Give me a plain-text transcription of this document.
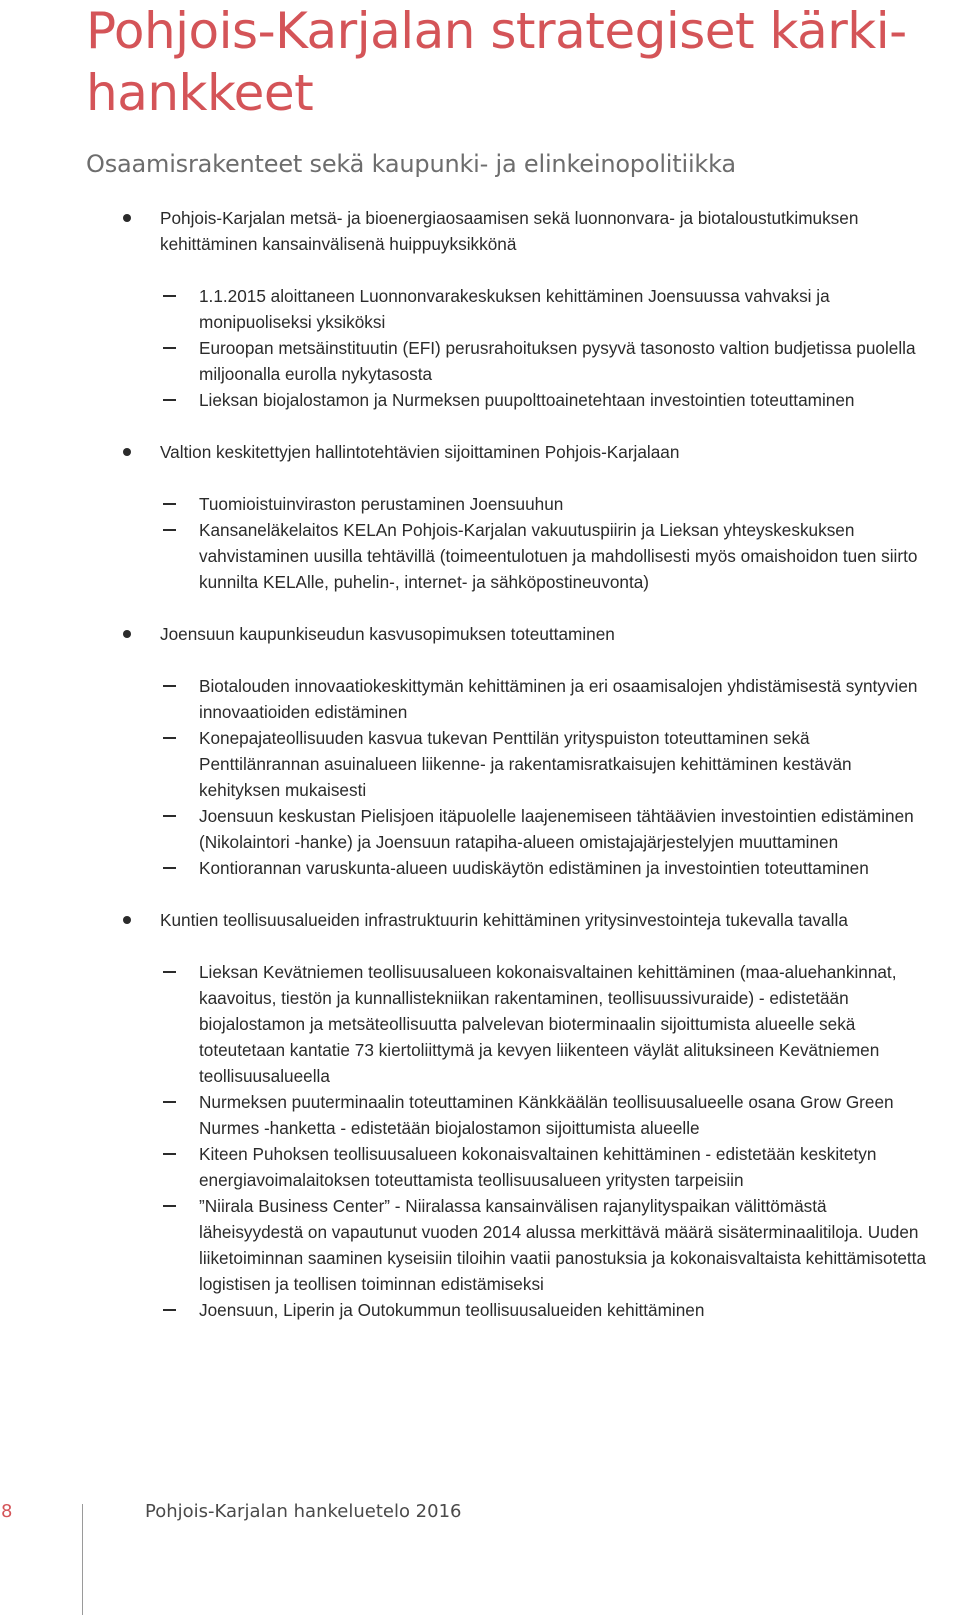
Pohjois-Karjalan strategiset kärki-hankkeet
Osaamisrakenteet sekä kaupunki- ja elinkeinopolitiikka
Pohjois-Karjalan metsä- ja bioenergiaosaamisen sekä luonnonvara- ja biotaloustutkimuksen kehittäminen kansainvälisenä huippuyksikkönä
1.1.2015 aloittaneen Luonnonvarakeskuksen kehittäminen Joensuussa vahvaksi ja monipuoliseksi yksiköksi
Euroopan metsäinstituutin (EFI) perusrahoituksen pysyvä tasonosto valtion budjetissa puolella miljoonalla eurolla nykytasosta
Lieksan biojalostamon ja Nurmeksen puupolttoainetehtaan investointien toteuttaminen
Valtion keskitettyjen hallintotehtävien sijoittaminen Pohjois-Karjalaan
Tuomioistuinviraston perustaminen Joensuuhun
Kansaneläkelaitos KELAn Pohjois-Karjalan vakuutuspiirin ja Lieksan yhteyskeskuksen vahvistaminen uusilla tehtävillä (toimeentulotuen ja mahdollisesti myös omaishoidon tuen siirto kunnilta KELAlle, puhelin-, internet- ja sähköpostineuvonta)
Joensuun kaupunkiseudun kasvusopimuksen toteuttaminen
Biotalouden innovaatiokeskittymän kehittäminen ja eri osaamisalojen yhdistämisestä syntyvien innovaatioiden edistäminen
Konepajateollisuuden kasvua tukevan Penttilän yrityspuiston toteuttaminen sekä Penttilänrannan asuinalueen liikenne- ja rakentamisratkaisujen kehittäminen kestävän kehityksen mukaisesti
Joensuun keskustan Pielisjoen itäpuolelle laajenemiseen tähtäävien investointien edistäminen (Nikolaintori -hanke) ja Joensuun ratapiha-alueen omistajajärjestelyjen muuttaminen
Kontiorannan varuskunta-alueen uudiskäytön edistäminen ja investointien toteuttaminen
Kuntien teollisuusalueiden infrastruktuurin kehittäminen yritysinvestointeja tukevalla tavalla
Lieksan Kevätniemen teollisuusalueen kokonaisvaltainen kehittäminen (maa-aluehankinnat, kaavoitus, tiestön ja kunnallistekniikan rakentaminen, teollisuussivuraide) - edistetään biojalostamon ja metsäteollisuutta palvelevan bioterminaalin sijoittumista alueelle sekä toteutetaan kantatie 73 kiertoliittymä ja kevyen liikenteen väylät alituksineen Kevätniemen teollisuusalueella
Nurmeksen puuterminaalin toteuttaminen Känkkäälän teollisuusalueelle osana Grow Green Nurmes -hanketta - edistetään biojalostamon sijoittumista alueelle
Kiteen Puhoksen teollisuusalueen kokonaisvaltainen kehittäminen - edistetään keskitetyn energiavoimalaitoksen toteuttamista teollisuusalueen yritysten tarpeisiin
”Niirala Business Center” - Niiralassa kansainvälisen rajanylityspaikan välittömästä läheisyydestä on vapautunut vuoden 2014 alussa merkittävä määrä sisäterminaalitiloja. Uuden liiketoiminnan saaminen kyseisiin tiloihin vaatii panostuksia ja kokonaisvaltaista kehittämisotetta logistisen ja teollisen toiminnan edistämiseksi
Joensuun, Liperin ja Outokummun teollisuusalueiden kehittäminen
8	Pohjois-Karjalan hankeluetelo 2016
